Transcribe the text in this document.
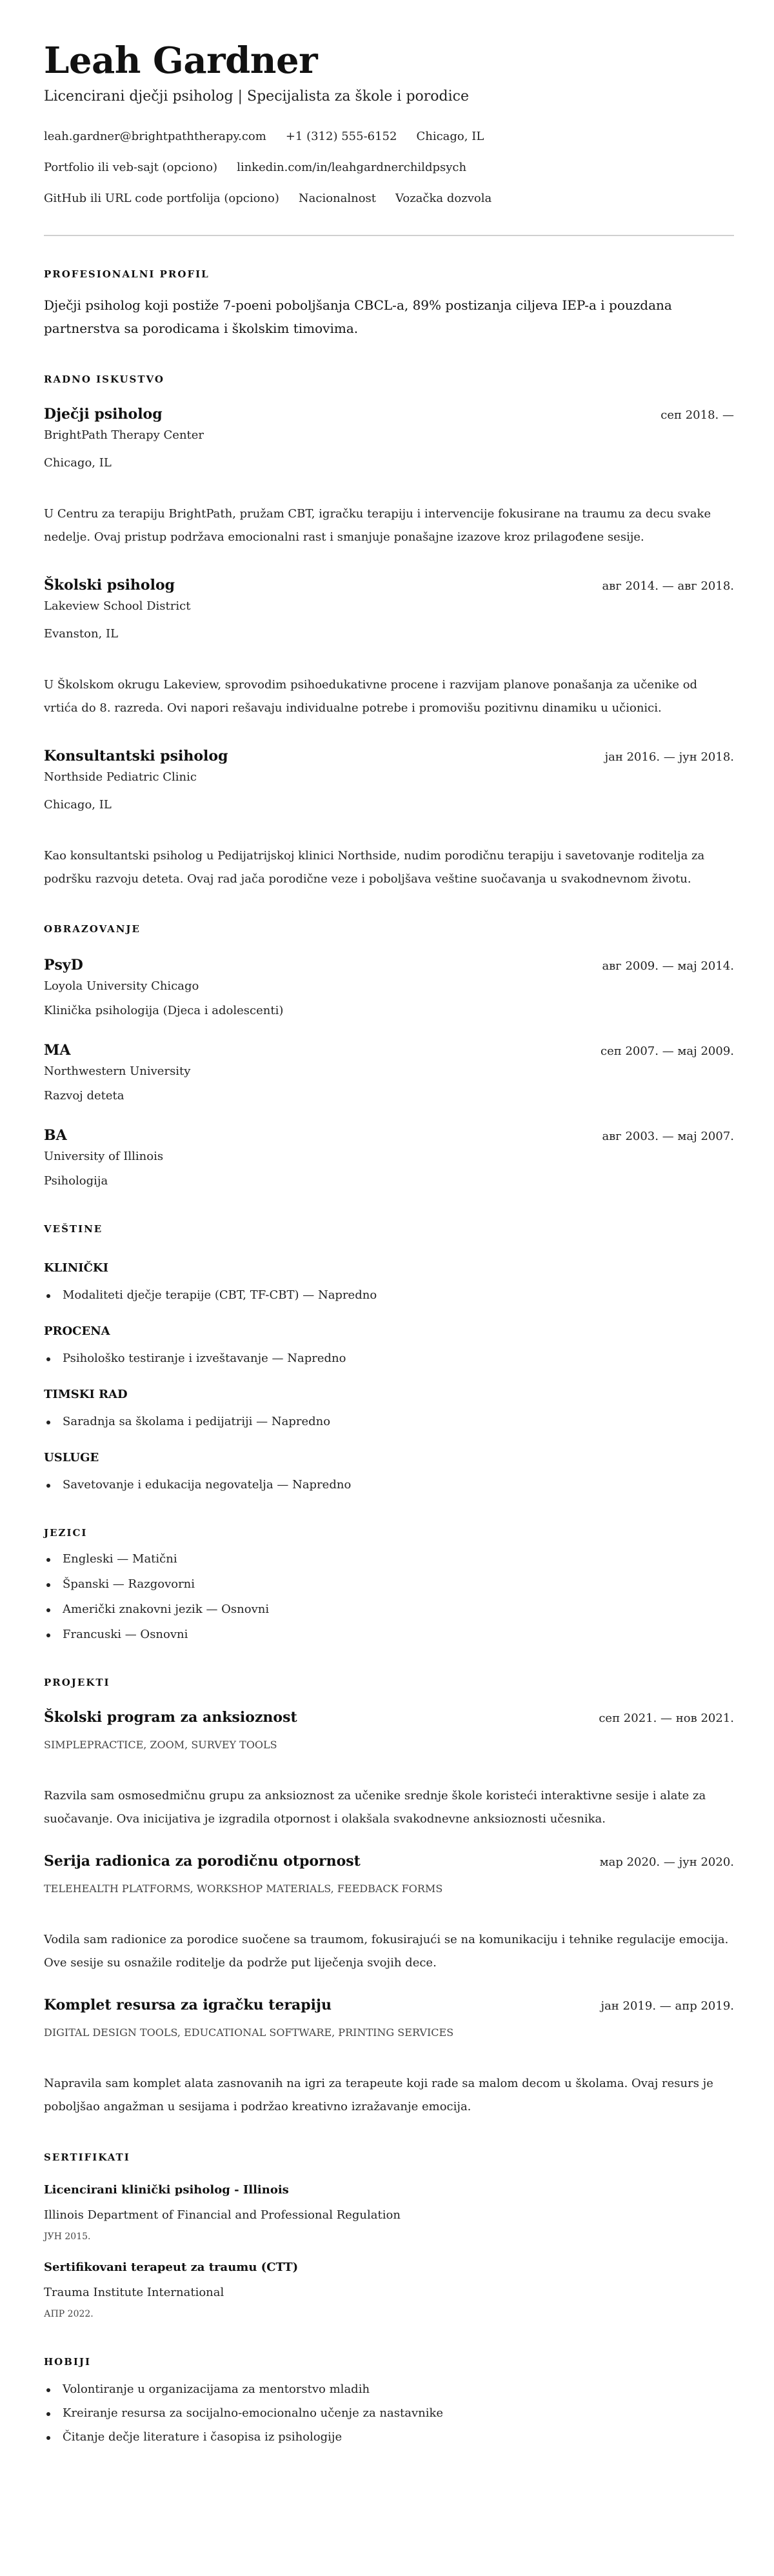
Leah Gardner
Licencirani dječji psiholog | Specijalista za škole i porodice
leah.gardner@brightpaththerapy.com +1 (312) 555-6152 Chicago, IL
Portfolio ili veb-sajt (opciono) linkedin.com/in/leahgardnerchildpsych
GitHub ili URL code portfolija (opciono) Nacionalnost Vozačka dozvola
PROFESIONALNI PROFIL

Dječji psiholog koji postiže 7-poeni poboljšanja CBCL-a, 89% postizanja ciljeva IEP-a i pouzdana partnerstva sa porodicama i školskim timovima.

RADNO ISKUSTVO
Dječji psiholog	сеп 2018. —
BrightPath Therapy Center
Chicago, IL
U Centru za terapiju BrightPath, pružam CBT, igračku terapiju i intervencije fokusirane na traumu za decu svake nedelje. Ovaj pristup podržava emocionalni rast i smanjuje ponašajne izazove kroz prilagođene sesije.
Školski psiholog	авг 2014. — авг 2018.
Lakeview School District
Evanston, IL
U Školskom okrugu Lakeview, sprovodim psihoedukativne procene i razvijam planove ponašanja za učenike od vrtića do 8. razreda. Ovi napori rešavaju individualne potrebe i promovišu pozitivnu dinamiku u učionici.
Konsultantski psiholog	јан 2016. — јун 2018.
Northside Pediatric Clinic
Chicago, IL
Kao konsultantski psiholog u Pedijatrijskoj klinici Northside, nudim porodičnu terapiju i savetovanje roditelja za podršku razvoju deteta. Ovaj rad jača porodične veze i poboljšava veštine suočavanja u svakodnevnom životu.
OBRAZOVANJE
PsyD	авг 2009. — мај 2014.
Loyola University Chicago
Klinička psihologija (Djeca i adolescenti)
MA	сеп 2007. — мај 2009.
Northwestern University
Razvoj deteta
BA	авг 2003. — мај 2007.
University of Illinois
Psihologija
VEŠTINE
KLINIČKI
Modaliteti dječje terapije (CBT, TF-CBT) — Napredno
PROCENA
Psihološko testiranje i izveštavanje — Napredno
TIMSKI RAD
Saradnja sa školama i pedijatriji — Napredno
USLUGE
Savetovanje i edukacija negovatelja — Napredno
JEZICI
Engleski — Matični
Španski — Razgovorni
Američki znakovni jezik — Osnovni
Francuski — Osnovni
PROJEKTI
Školski program za anksioznost	сеп 2021. — нов 2021.
SIMPLEPRACTICE, ZOOM, SURVEY TOOLS
Razvila sam osmosedmičnu grupu za anksioznost za učenike srednje škole koristeći interaktivne sesije i alate za suočavanje. Ova inicijativa je izgradila otpornost i olakšala svakodnevne anksioznosti učesnika.
Serija radionica za porodičnu otpornost	мар 2020. — јун 2020.
TELEHEALTH PLATFORMS, WORKSHOP MATERIALS, FEEDBACK FORMS
Vodila sam radionice za porodice suočene sa traumom, fokusirajući se na komunikaciju i tehnike regulacije emocija. Ove sesije su osnažile roditelje da podrže put liječenja svojih dece.
Komplet resursa za igračku terapiju	јан 2019. — апр 2019.
DIGITAL DESIGN TOOLS, EDUCATIONAL SOFTWARE, PRINTING SERVICES
Napravila sam komplet alata zasnovanih na igri za terapeute koji rade sa malom decom u školama. Ovaj resurs je poboljšao angažman u sesijama i podržao kreativno izražavanje emocija.
SERTIFIKATI
Licencirani klinički psiholog - Illinois
Illinois Department of Financial and Professional Regulation
ЈУН 2015.
Sertifikovani terapeut za traumu (CTT)
Trauma Institute International
АПР 2022.
HOBIJI
Volontiranje u organizacijama za mentorstvo mladih
Kreiranje resursa za socijalno-emocionalno učenje za nastavnike
Čitanje dečje literature i časopisa iz psihologije
